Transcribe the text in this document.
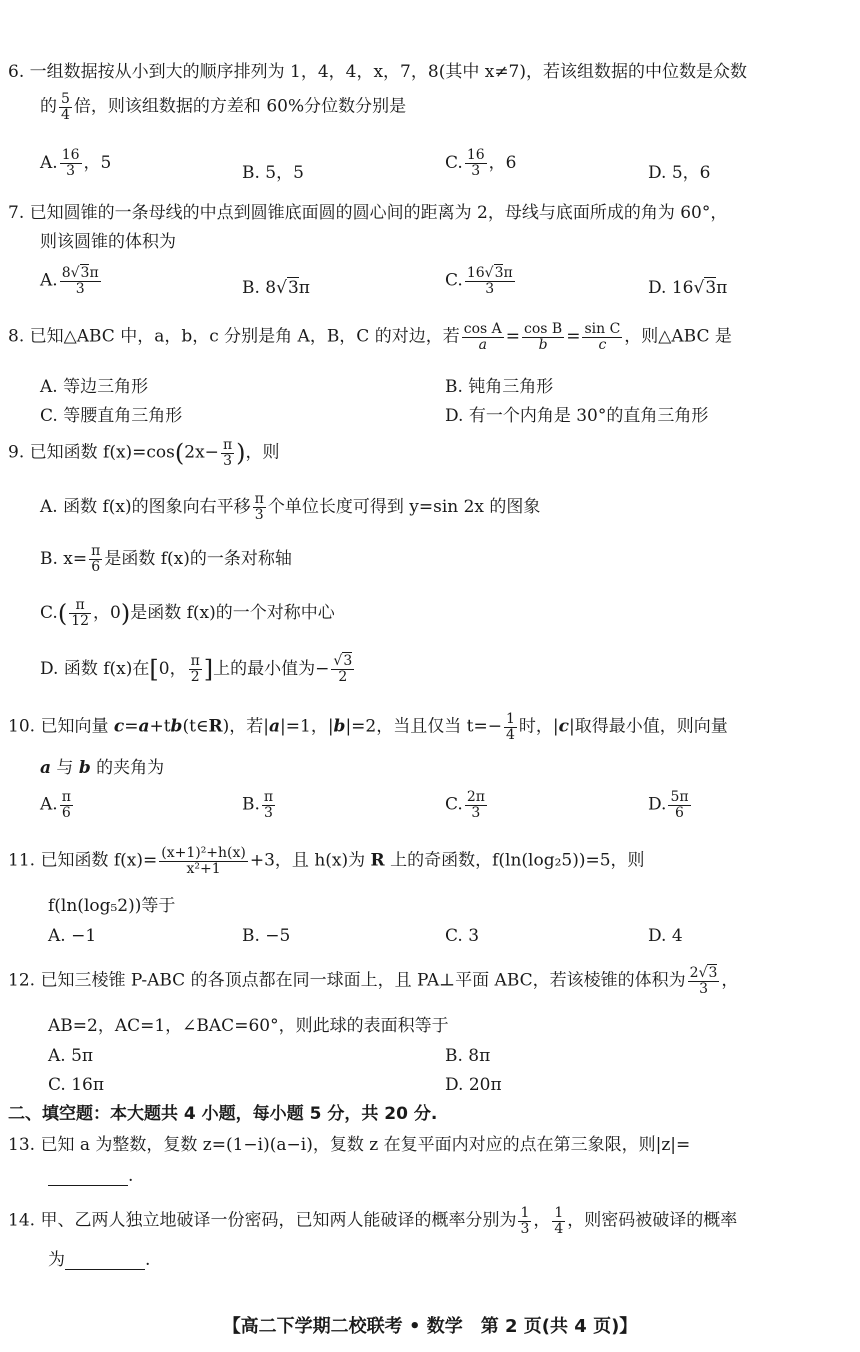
6. 一组数据按从小到大的顺序排列为 1，4，4，x，7，8(其中 x≠7)，若该组数据的中位数是众数
的 $\frac{5}{4}$ 倍，则该组数据的方差和 60%分位数分别是
A. $\frac{16}{3}$ ，5	B. 5，5	C. $\frac{16}{3}$ ，6	D. 5，6
7. 已知圆锥的一条母线的中点到圆锥底面圆的圆心间的距离为 2，母线与底面所成的角为 60°，
则该圆锥的体积为
A. $\frac{8√3\pi}{3}$	B. 8√3π	C. $\frac{16√3\pi}{3}$	D. 16√3π
8. 已知△ABC 中，a，b，c 分别是角 A，B，C 的对边，若 $\frac{\text{cos A}}{a} = \frac{\text{cos B}}{b} = \frac{\text{sin C}}{c}$ ，则△ABC 是
A. 等边三角形	B. 钝角三角形
C. 等腰直角三角形	D. 有一个内角是 30°的直角三角形
9. 已知函数 $f(x)=\cos(2x- \frac{\pi}{3}$ )，则
A. 函数 f(x)的图象向右平移 $\frac{\pi}{3}$ 个单位长度可得到 y=sin 2x 的图象
B. $x= \frac{\pi}{6}$ 是函数 f(x)的一条对称轴
$C.( \frac{\pi}{12}$ ，0)是函数 f(x)的一个对称中心
D. 函数 f(x)在[0， $\frac{\pi}{2}$ ]上的最小值为− $\frac{√3}{2}$
10. 已知向量 c=a+tb(t∈R)，若|a|=1，|b|=2，当且仅当 $t=- \frac{1}{4}$ 时，|c|取得最小值，则向量
a 与 b 的夹角为
A. $\frac{\pi}{6}$	B. $\frac{\pi}{3}$	C. $\frac{2\pi}{3}$	D. $\frac{5\pi}{6}$
11. 已知函数 $f(x)= \frac{\text{(x+1)²+h(x)}}{\text{x²+1}} +3$，且 h(x)为 R 上的奇函数，f(ln(log₂5))=5，则
f(ln(log₅2))等于
A. −1	B. −5	C. 3	D. 4
12. 已知三棱锥 P-ABC 的各顶点都在同一球面上，且 PA⊥平面 ABC，若该棱锥的体积为 $\frac{2√3}{3}$ ，
AB=2，AC=1，∠BAC=60°，则此球的表面积等于
A. 5π	B. 8π
C. 16π	D. 20π
二、填空题：本大题共 4 小题，每小题 5 分，共 20 分.
13. 已知 a 为整数，复数 z=(1−i)(a−i)，复数 z 在复平面内对应的点在第三象限，则|z|=
.
14. 甲、乙两人独立地破译一份密码，已知两人能破译的概率分别为 $\frac{1}{3}$ ， $\frac{1}{4}$ ，则密码被破译的概率
为	.
【高二下学期二校联考 • 数学　第 2 页(共 4 页)】
